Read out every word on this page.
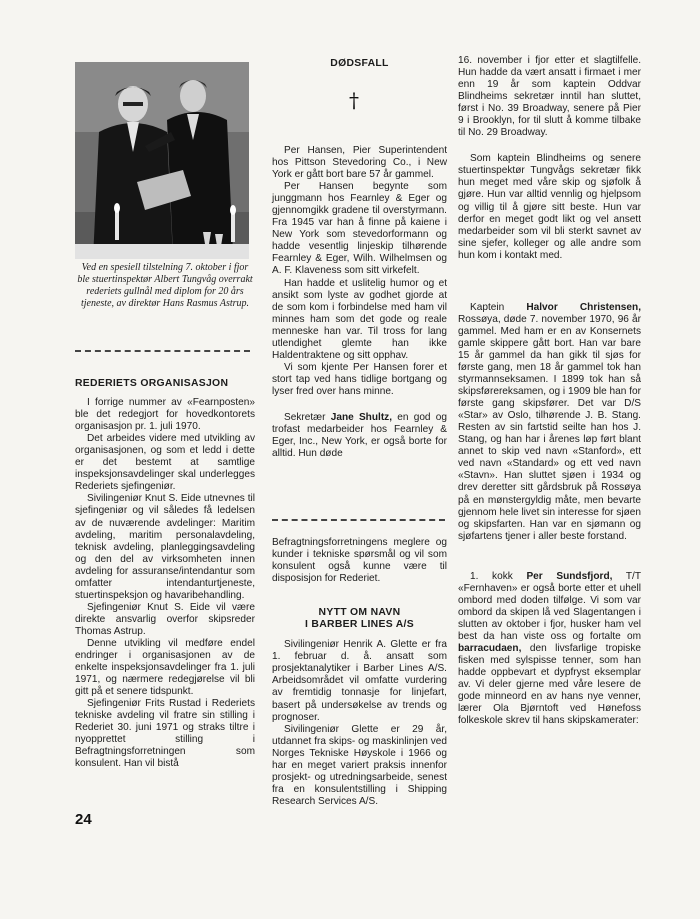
Ved en spesiell tilstelning 7. oktober i fjor ble stuertinspektør Albert Tungvåg overrakt rederiets gullnål med diplom for 20 års tjeneste, av direktør Hans Rasmus Astrup.

REDERIETS ORGANISASJON

I forrige nummer av «Fearnposten» ble det redegjort for hovedkontorets organisasjon pr. 1. juli 1970.

Det arbeides videre med utvikling av organisasjonen, og som et ledd i dette er det bestemt at samtlige inspeksjonsavdelinger skal underlegges Rederiets sjefingeniør.

Sivilingeniør Knut S. Eide utnevnes til sjefingeniør og vil således få ledelsen av de nuværende avdelinger: Maritim avdeling, maritim personalavdeling, teknisk avdeling, planleggingsavdeling og den del av virksomheten innen avdeling for assuranse/intendantur som omfatter intendanturtjeneste, stuertinspeksjon og havaribehandling.

Sjefingeniør Knut S. Eide vil være direkte ansvarlig overfor skipsreder Thomas Astrup.

Denne utvikling vil medføre endel endringer i organisasjonen av de enkelte inspeksjonsavdelinger fra 1. juli 1971, og nærmere redegjørelse vil bli gitt på et senere tidspunkt.

Sjefingeniør Frits Rustad i Rederiets tekniske avdeling vil fratre sin stilling i Rederiet 30. juni 1971 og straks tiltre i nyopprettet stilling i Befragtningsforretningen som konsulent. Han vil bistå

24

DØDSFALL

†

Per Hansen, Pier Superintendent hos Pittson Stevedoring Co., i New York er gått bort bare 57 år gammel.

Per Hansen begynte som junggmann hos Fearnley & Eger og gjennomgikk gradene til overstyrmann. Fra 1945 var han å finne på kaiene i New York som stevedorformann og hadde vesentlig linjeskip tilhørende Fearnley & Eger, Wilh. Wilhelmsen og A. F. Klaveness som sitt virkefelt.

Han hadde et uslitelig humor og et ansikt som lyste av godhet gjorde at de som kom i forbindelse med ham vil minnes ham som det gode og reale menneske han var. Til tross for lang utlendighet glemte han ikke Haldentraktene og sitt opphav.

Vi som kjente Per Hansen forer et stort tap ved hans tidlige bortgang og lyser fred over hans minne.

Sekretær Jane Shultz, en god og trofast medarbeider hos Fearnley & Eger, Inc., New York, er også borte for alltid. Hun døde

Befragtningsforretningens meglere og kunder i tekniske spørsmål og vil som konsulent også kunne være til disposisjon for Rederiet.

NYTT OM NAVN

I BARBER LINES A/S

Sivilingeniør Henrik A. Glette er fra 1. februar d. å. ansatt som prosjektanalytiker i Barber Lines A/S. Arbeidsområdet vil omfatte vurdering av fremtidig tonnasje for linjefart, basert på undersøkelse av trends og prognoser.

Sivilingeniør Glette er 29 år, utdannet fra skips- og maskinlinjen ved Norges Tekniske Høyskole i 1966 og har en meget variert praksis innenfor prosjekt- og utredningsarbeide, senest fra en konsulentstilling i Shipping Research Services A/S.

16. november i fjor etter et slagtilfelle. Hun hadde da vært ansatt i firmaet i mer enn 19 år som kaptein Oddvar Blindheims sekretær inntil han sluttet, først i No. 39 Broadway, senere på Pier 9 i Brooklyn, for til slutt å komme tilbake til No. 29 Broadway.

Som kaptein Blindheims og senere stuertinspektør Tungvågs sekretær fikk hun meget med våre skip og sjøfolk å gjøre. Hun var alltid vennlig og hjelpsom og villig til å gjøre sitt beste. Hun var derfor en meget godt likt og vel ansett medarbeider som vil bli sterkt savnet av sine sjefer, kolleger og alle andre som hun kom i kontakt med.

Kaptein Halvor Christensen, Rossøya, døde 7. november 1970, 96 år gammel. Med ham er en av Konsernets gamle skippere gått bort. Han var bare 15 år gammel da han gikk til sjøs for første gang, men 18 år gammel tok han styrmannseksamen. I 1899 tok han så skipsførereksamen, og i 1909 ble han for første gang skipsfører. Det var D/S «Star» av Oslo, tilhørende J. B. Stang. Resten av sin fartstid seilte han hos J. Stang, og han har i årenes løp ført blant annet to skip ved navn «Stanford», ett ved navn «Standard» og ett ved navn «Stavn». Han sluttet sjøen i 1934 og drev deretter sitt gårdsbruk på Rossøya på en mønstergyldig måte, men bevarte gjennom hele livet sin interesse for sjøen og skipsfarten. Han var en sjømann og sjøfartens tjener i aller beste forstand.

1. kokk Per Sundsfjord, T/T «Fernhaven» er også borte etter et uhell ombord med doden tilfølge. Vi som var ombord da skipen lå ved Slagentangen i slutten av oktober i fjor, husker ham vel best da han viste oss og fortalte om barracudaen, den livsfarlige tropiske fisken med sylspisse tenner, som han hadde oppbevart et dypfryst eksemplar av. Vi deler gjerne med våre lesere de gode minneord en av hans nye venner, lærer Ola Bjørntoft ved Hønefoss folkeskole skrev til hans skipskamerater:
